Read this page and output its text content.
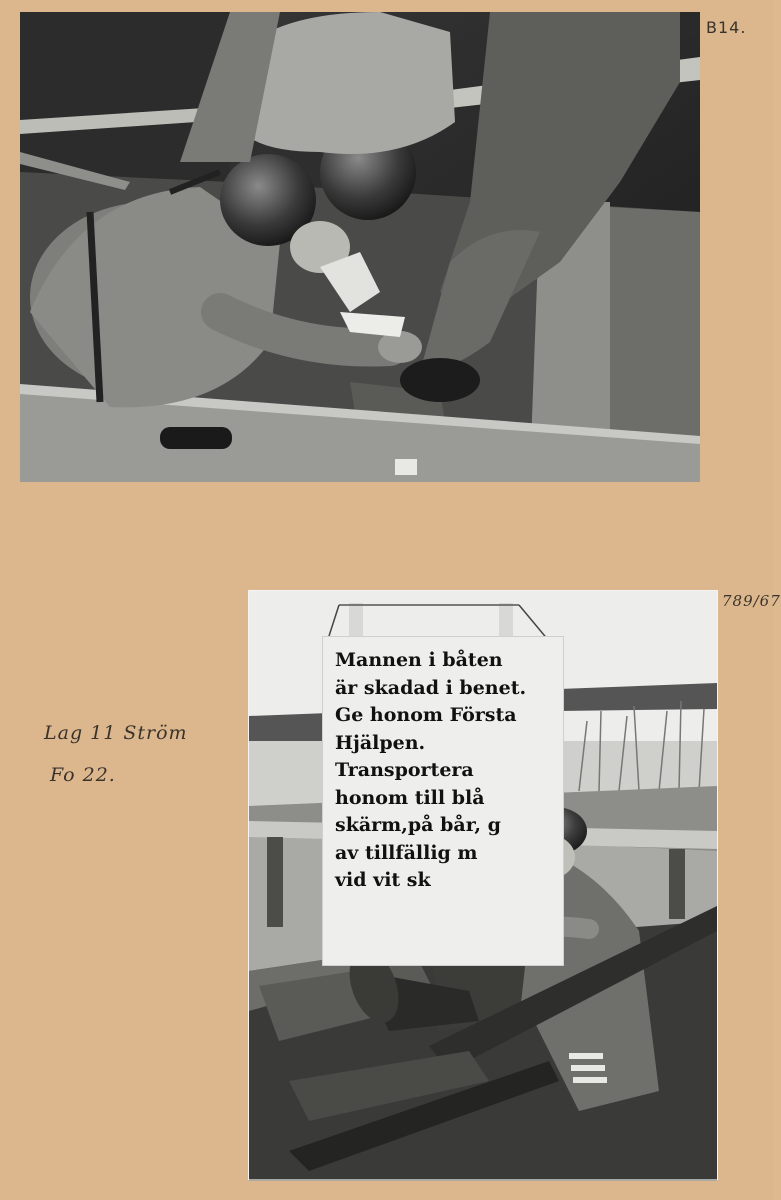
B14.
Lag 11 Ström
Fo 22.
789/67
Mannen i båten
är skadad i benet.
Ge honom Första
Hjälpen.
Transportera
honom till blå
skärm,på bår, g
av tillfällig m
vid vit sk
